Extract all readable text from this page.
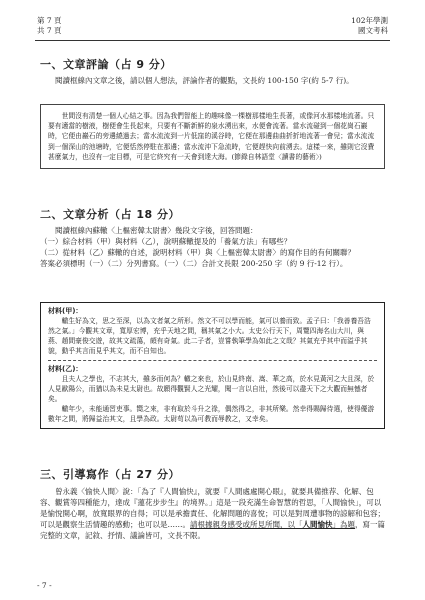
第 7 頁
共 7 頁
102年學測
國文考科
一、文章評論（占 9 分）
閱讀框線內文章之後，請以個人想法，評論作者的觀點，文長約 100-150 字(約 5-7 行)。
世間沒有清楚一個人心結之事。因為我們智能上的趣味像一棵樹那樣地生長著，或像河水那樣地流著。只要有適當的樹液，樹便會生長起來，只要有不斷新鮮的泉水湧出來，水便會流著。當水流碰到一個花崗石巖時，它便由巖石的旁邊繞過去；當水流流到一片低窪的溪谷時，它便在那邊曲曲折折地流著一會兒；當水流流到一個深山的池塘時，它便恬然停駐在那邊；當水流沖下急流時，它便趕快向前湧去。這樣一來，雖則它沒費甚麼氣力，也沒有一定目標，可是它終究有一天會到達大海。(節錄自林語堂〈讀書的藝術〉)
二、文章分析（占 18 分）
閱讀框線內蘇轍〈上樞密韓太尉書〉幾段文字後，回答問題：

（一）綜合材料（甲）與材料（乙），說明蘇轍提及的「養氣方法」有哪些？

（二）從材料（乙）蘇轍的自述，說明材料（甲）與〈上樞密韓太尉書〉的寫作目的有何關聯？

答案必須標明（一）（二）分列書寫。（一）（二）合計文長限 200-250 字（約 9 行-12 行）。
材料(甲)：

轍生好為文，思之至深，以為文者氣之所形。然文不可以學而能，氣可以養而致。孟子曰：「我善養吾浩然之氣。」今觀其文章，寬厚宏博，充乎天地之間，稱其氣之小大。太史公行天下，周覽四海名山大川，與燕、趙間豪俊交遊，故其文疏蕩，頗有奇氣。此二子者，豈嘗執筆學為如此之文哉？其氣充乎其中而溢乎其貌，動乎其言而見乎其文，而不自知也。

材料(乙)：

且夫人之學也，不志其大，雖多而何為？轍之來也，於山見終南、嵩、華之高，於水見黃河之大且深，於人見歐陽公，而猶以為未見太尉也。故願得觀賢人之光耀，聞一言以自壯，然後可以盡天下之大觀而無憾者矣。

轍年少，未能通習吏事。嚮之來，非有取於斗升之祿，偶然得之，非其所樂。然幸得賜歸待選，使得優游數年之間，將歸益治其文，且學為政。太尉苟以為可教而辱教之，又幸矣。

三、引導寫作（占 27 分）
曾永義〈愉快人間〉說：「為了『人間愉快』，就要『人間處處開心眼』，就要具備推荐、化解、包容、觀賞等四種能力，達成『蓮花步步生』的境界。」這是一段充滿生命智慧的哲思，「人間愉快」，可以是愉悅開心啊，放寬眼界的自得；可以是承擔責任、化解問題的喜悅；可以是對周遭事物的諒解和包容；可以是觀察生活情趣的感動；也可以是……。請根據親身感受或所見所聞，以「人間愉快」為題，寫一篇完整的文章，記敘、抒情、議論皆可，文長不限。
- 7 -
